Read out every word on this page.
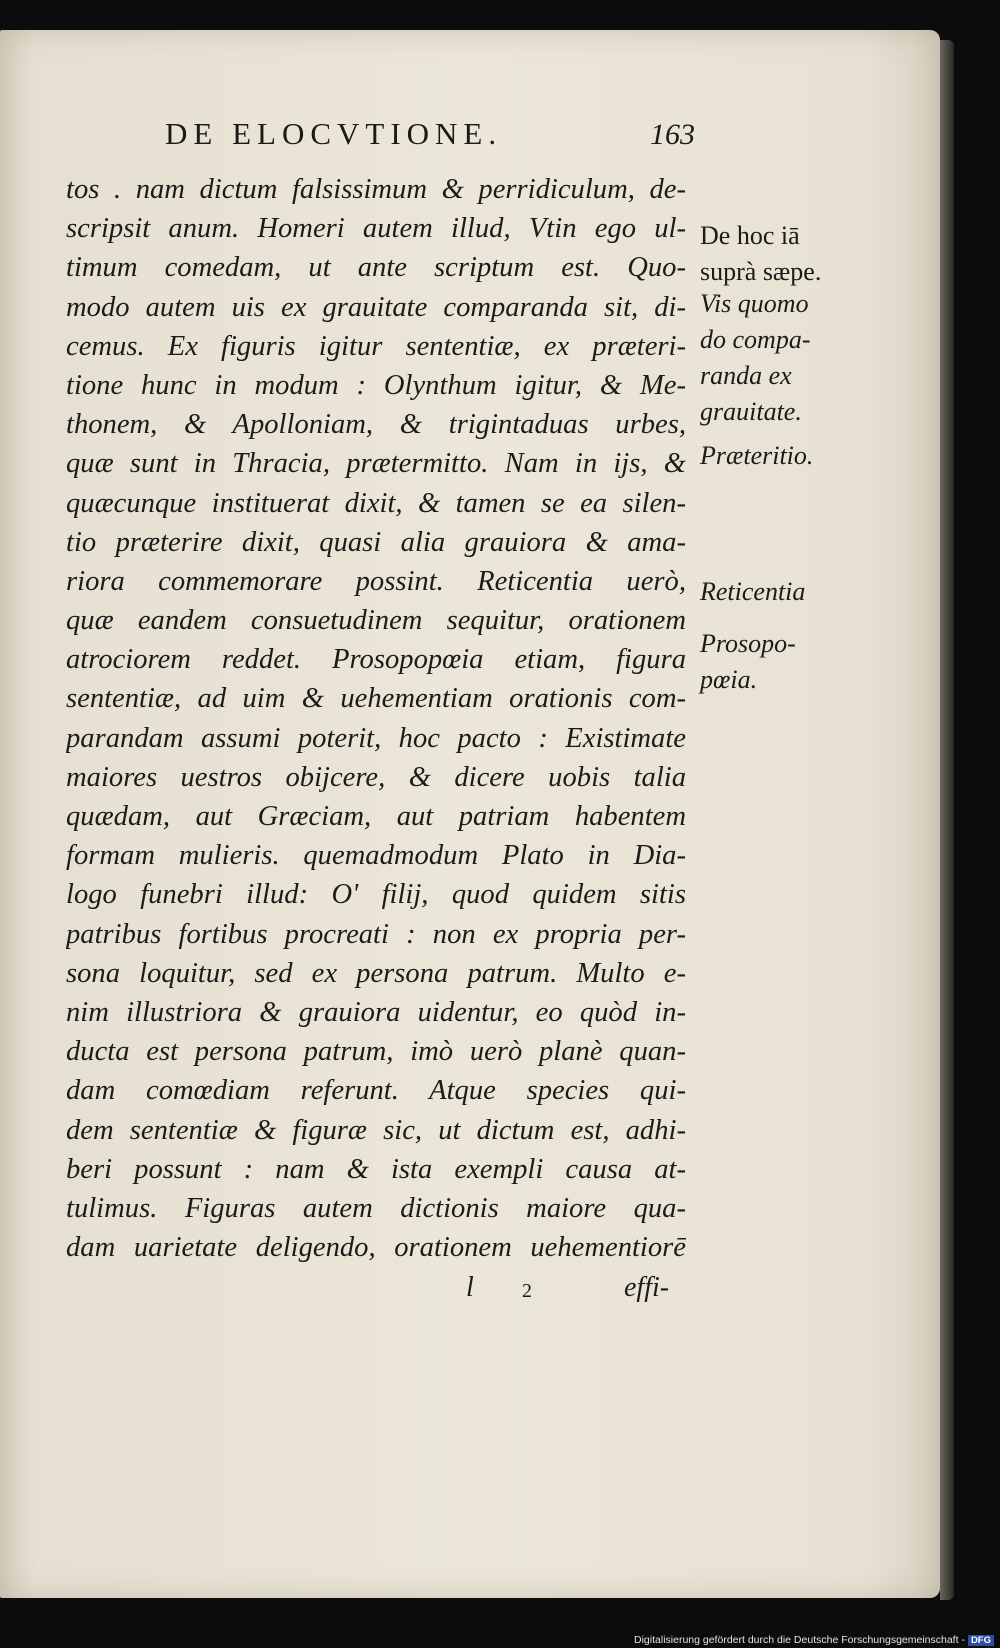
DE ELOCVTIONE.	163
tos . nam dictum falsissimum & perridiculum, de-
scripsit anum. Homeri autem illud, Vtin ego ul-
timum comedam, ut ante scriptum est. Quo-
modo autem uis ex grauitate comparanda sit, di-
cemus. Ex figuris igitur sententiæ, ex præteri-
tione hunc in modum : Olynthum igitur, & Me-
thonem, & Apolloniam, & trigintaduas urbes,
quæ sunt in Thracia, prætermitto. Nam in ijs, &
quæcunque instituerat dixit, & tamen se ea silen-
tio præterire dixit, quasi alia grauiora & ama-
riora commemorare possint. Reticentia uerò,
quæ eandem consuetudinem sequitur, orationem
atrociorem reddet. Prosopopœia etiam, figura
sententiæ, ad uim & uehementiam orationis com-
parandam assumi poterit, hoc pacto : Existimate
maiores uestros obijcere, & dicere uobis talia
quædam, aut Græciam, aut patriam habentem
formam mulieris. quemadmodum Plato in Dia-
logo funebri illud: O' filij, quod quidem sitis
patribus fortibus procreati : non ex propria per-
sona loquitur, sed ex persona patrum. Multo e-
nim illustriora & grauiora uidentur, eo quòd in-
ducta est persona patrum, imò uerò planè quan-
dam comœdiam referunt. Atque species qui-
dem sententiæ & figuræ sic, ut dictum est, adhi-
beri possunt : nam & ista exempli causa at-
tulimus. Figuras autem dictionis maiore qua-
dam uarietate deligendo, orationem uehementiorē
De hoc iā
suprà sæpe.
Vis quomo
do compa-
randa ex
grauitate.
Præteritio.
Reticentia
Prosopo-
pœia.
l 2	effi-
Digitalisierung gefördert durch die Deutsche Forschungsgemeinschaft - DFG
